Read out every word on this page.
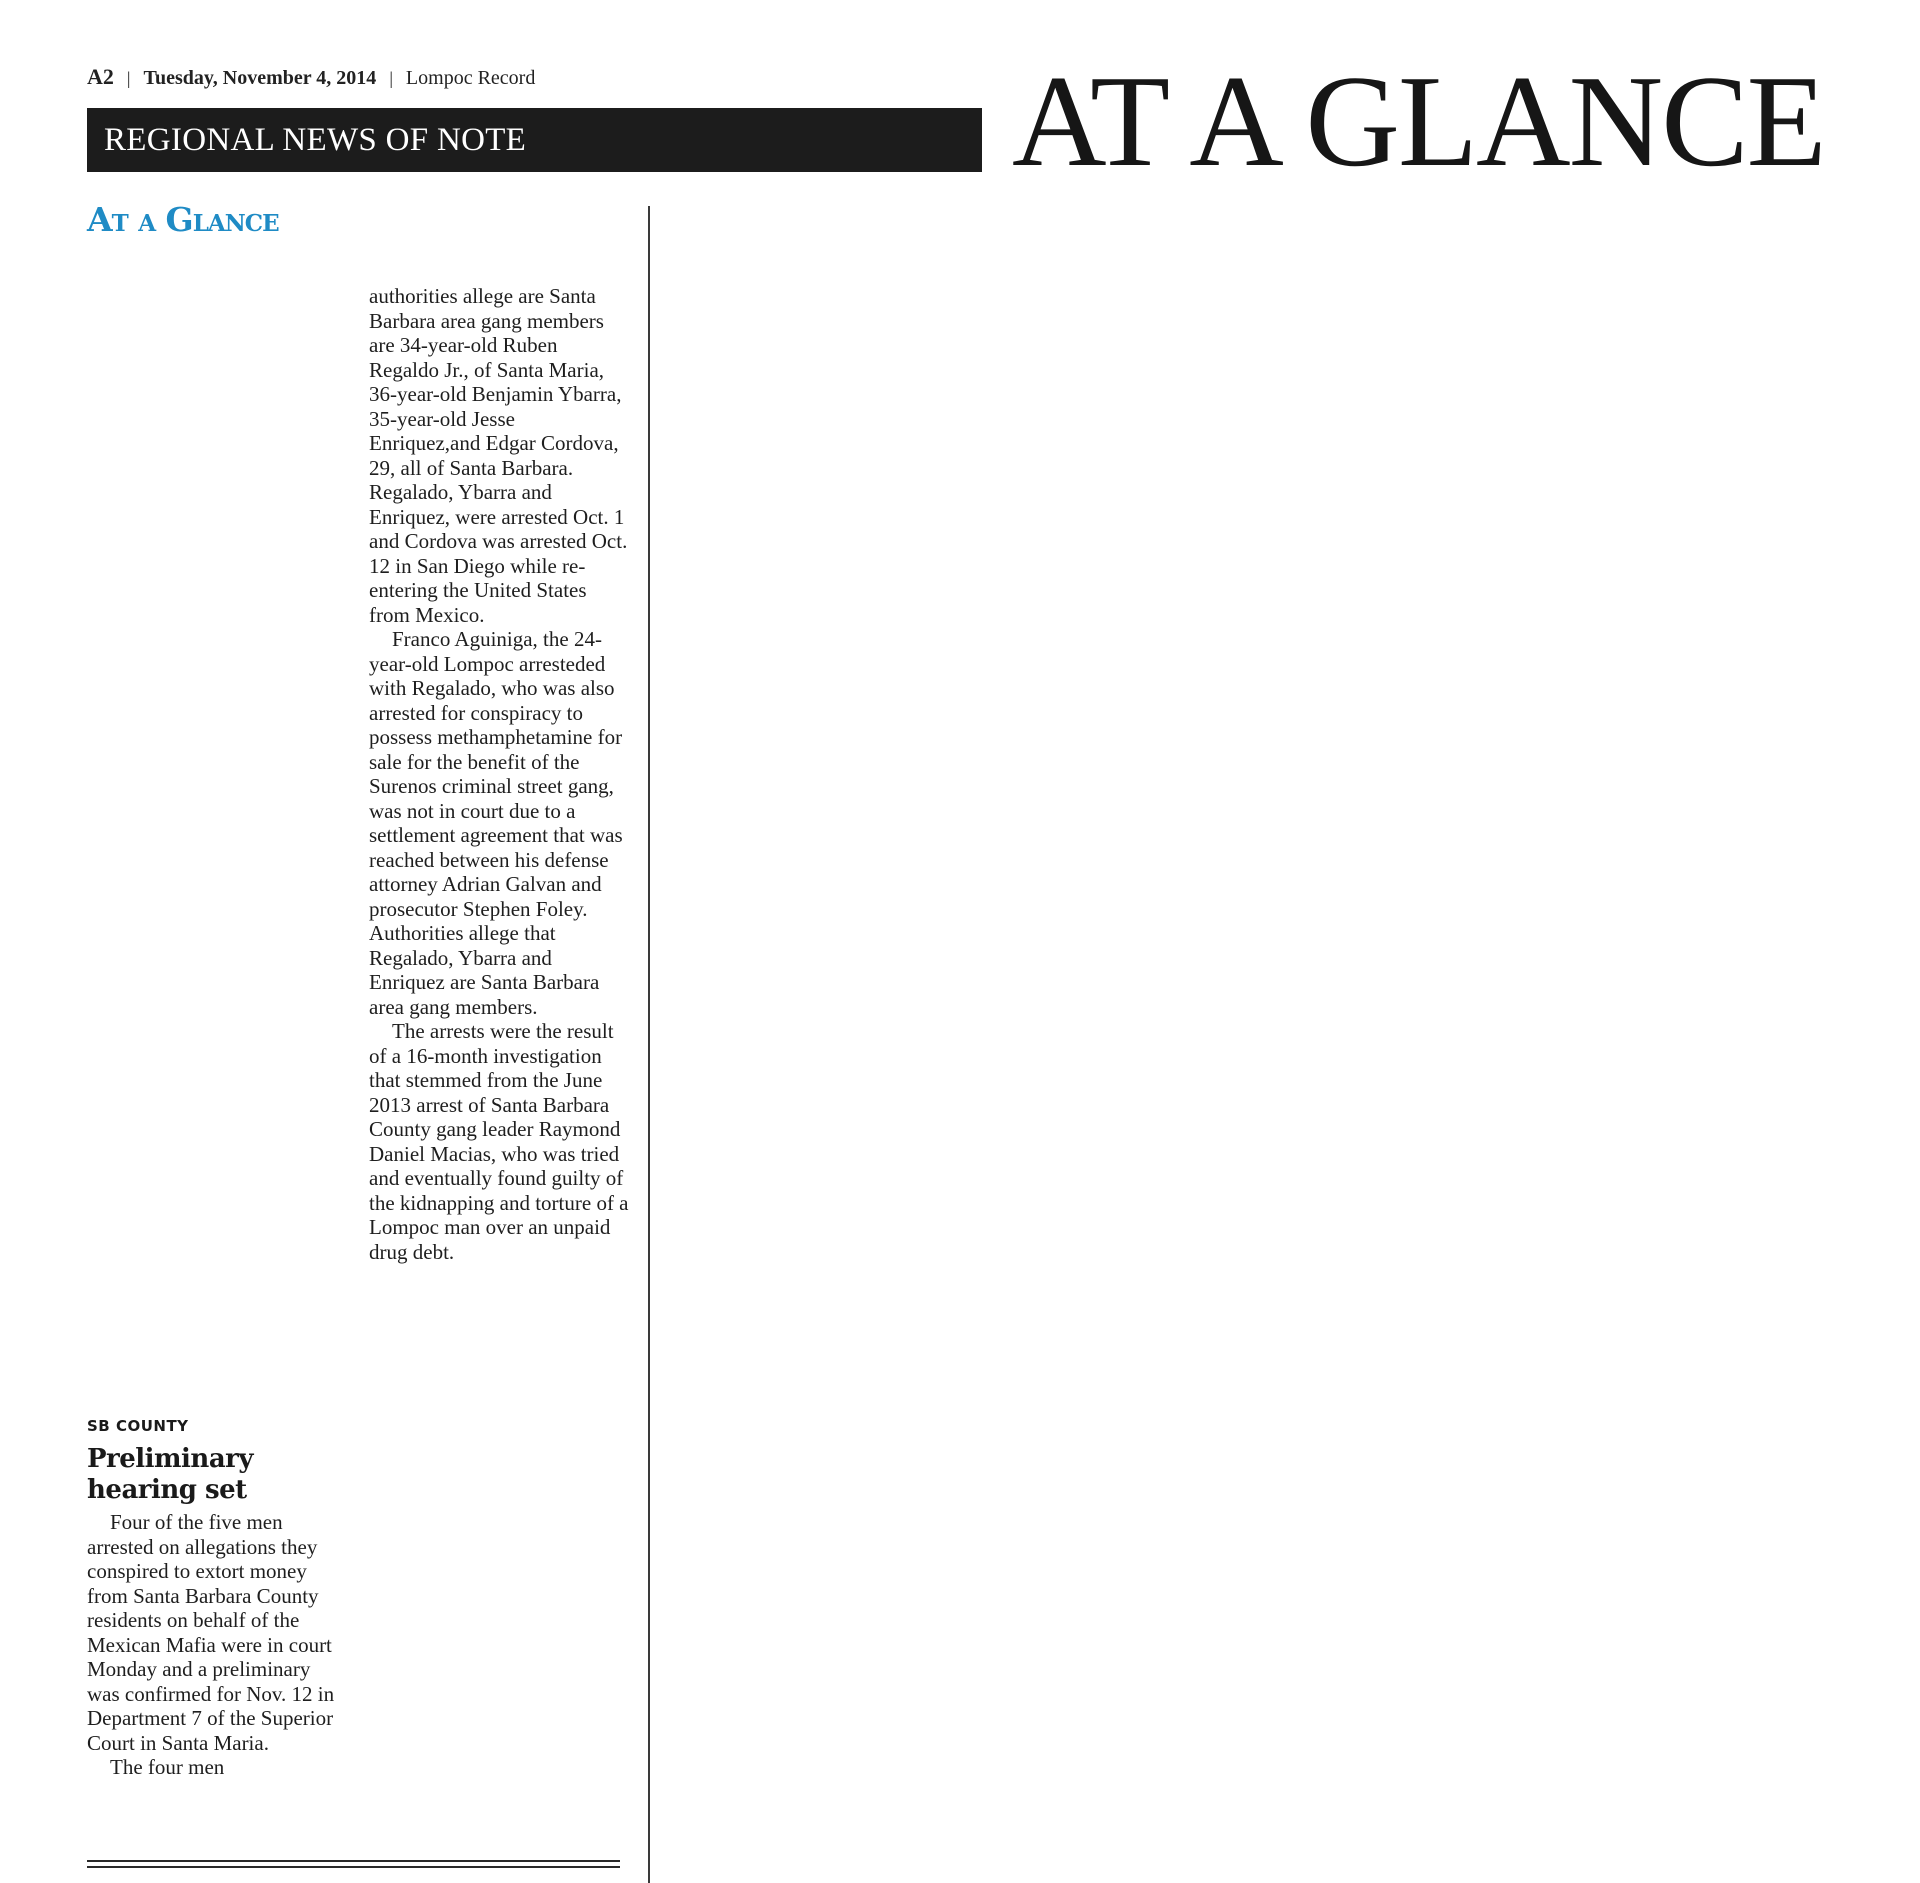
A2 | Tuesday, November 4, 2014 | Lompoc Record
REGIONAL NEWS OF NOTE	AT A GLANCE
At a Glance

authorities allege are Santa Barbara area gang members are 34-year-old Ruben Regaldo Jr., of Santa Maria, 36-year-old Benjamin Ybarra, 35-year-old Jesse Enriquez,and Edgar Cordova, 29, all of Santa Barbara. Regalado, Ybarra and Enriquez, were arrested Oct. 1 and Cordova was arrested Oct. 12 in San Diego while re-entering the United States from Mexico.

Franco Aguiniga, the 24-year-old Lompoc arresteded with Regalado, who was also arrested for conspiracy to possess methamphetamine for sale for the benefit of the Surenos criminal street gang, was not in court due to a settlement agreement that was reached between his defense attorney Adrian Galvan and prosecutor Stephen Foley. Authorities allege that Regalado, Ybarra and Enriquez are Santa Barbara area gang members.

The arrests were the result of a 16-month investigation that stemmed from the June 2013 arrest of Santa Barbara County gang leader Raymond Daniel Macias, who was tried and eventually found guilty of the kidnapping and torture of a Lompoc man over an unpaid drug debt.

SB COUNTY
Preliminary hearing set

Four of the five men arrested on allegations they conspired to extort money from Santa Barbara County residents on behalf of the Mexican Mafia were in court Monday and a preliminary was confirmed for Nov. 12 in Department 7 of the Superior Court in Santa Maria.

The four men
